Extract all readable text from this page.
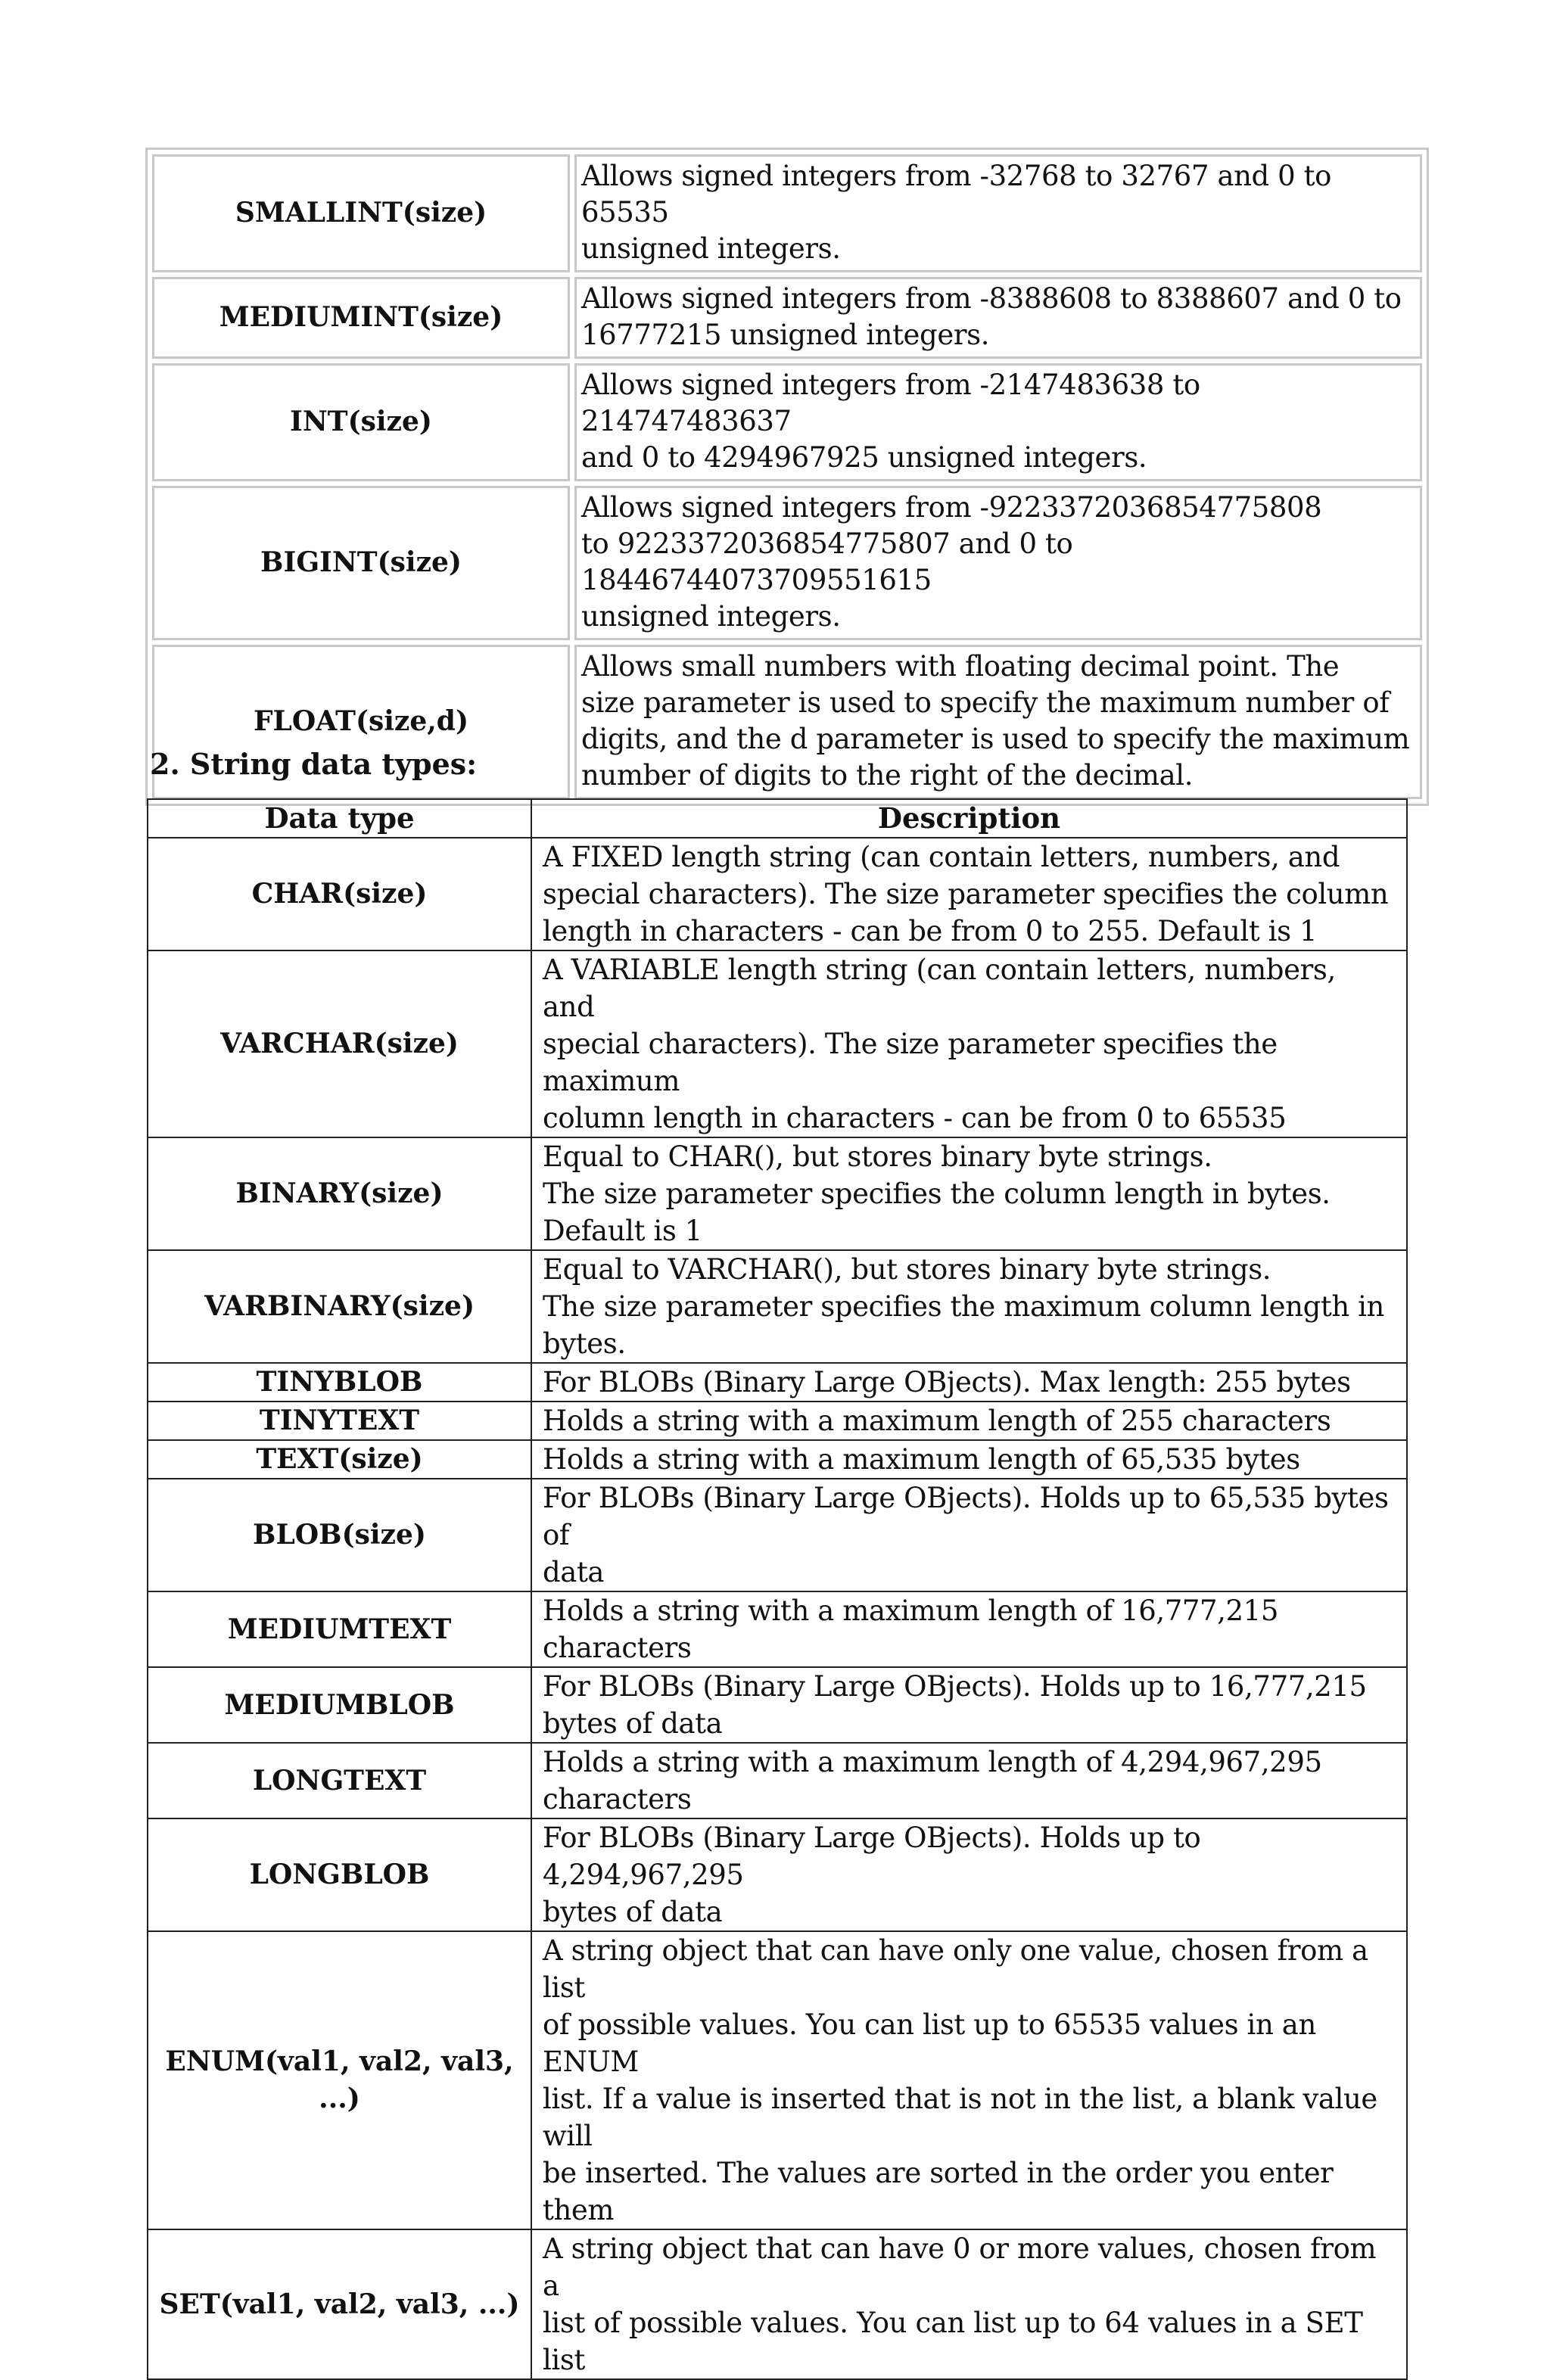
SMALLINT(size)	Allows signed integers from -32768 to 32767 and 0 to 65535
unsigned integers.
MEDIUMINT(size)	Allows signed integers from -8388608 to 8388607 and 0 to
16777215 unsigned integers.
INT(size)	Allows signed integers from -2147483638 to 214747483637
and 0 to 4294967925 unsigned integers.
BIGINT(size)	Allows signed integers from -9223372036854775808
to 9223372036854775807 and 0 to 18446744073709551615
unsigned integers.
FLOAT(size,d)	Allows small numbers with floating decimal point. The
size parameter is used to specify the maximum number of
digits, and the d parameter is used to specify the maximum
number of digits to the right of the decimal.
2. String data types:
Data type	Description
CHAR(size)	A FIXED length string (can contain letters, numbers, and
special characters). The size parameter specifies the column
length in characters - can be from 0 to 255. Default is 1
VARCHAR(size)	A VARIABLE length string (can contain letters, numbers, and
special characters). The size parameter specifies the maximum
column length in characters - can be from 0 to 65535
BINARY(size)	Equal to CHAR(), but stores binary byte strings.
The size parameter specifies the column length in bytes.
Default is 1
VARBINARY(size)	Equal to VARCHAR(), but stores binary byte strings.
The size parameter specifies the maximum column length in
bytes.
TINYBLOB	For BLOBs (Binary Large OBjects). Max length: 255 bytes
TINYTEXT	Holds a string with a maximum length of 255 characters
TEXT(size)	Holds a string with a maximum length of 65,535 bytes
BLOB(size)	For BLOBs (Binary Large OBjects). Holds up to 65,535 bytes of
data
MEDIUMTEXT	Holds a string with a maximum length of 16,777,215
characters
MEDIUMBLOB	For BLOBs (Binary Large OBjects). Holds up to 16,777,215
bytes of data
LONGTEXT	Holds a string with a maximum length of 4,294,967,295
characters
LONGBLOB	For BLOBs (Binary Large OBjects). Holds up to 4,294,967,295
bytes of data
ENUM(val1, val2, val3,
...)	A string object that can have only one value, chosen from a list
of possible values. You can list up to 65535 values in an ENUM
list. If a value is inserted that is not in the list, a blank value will
be inserted. The values are sorted in the order you enter them
SET(val1, val2, val3, ...)	A string object that can have 0 or more values, chosen from a
list of possible values. You can list up to 64 values in a SET list
